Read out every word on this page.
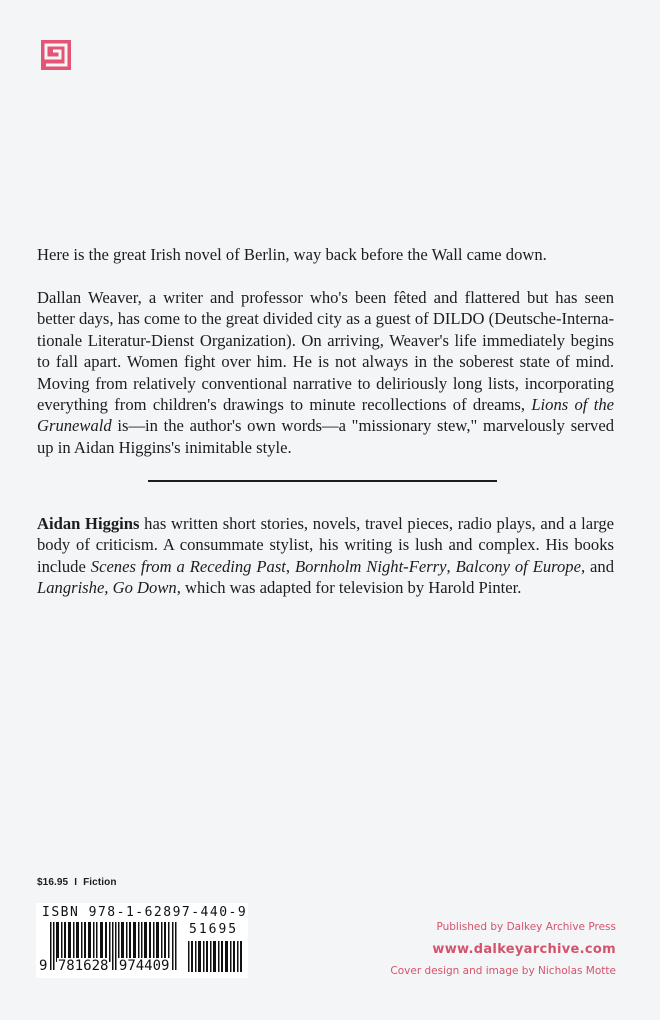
Here is the great Irish novel of Berlin, way back before the Wall came down.

Dallan Weaver, a writer and professor who's been fêted and flattered but has seen better days, has come to the great divided city as a guest of DILDO (Deutsche-Internationale Literatur-Dienst Organization). On arriving, Weaver's life immediately begins to fall apart. Women fight over him. He is not always in the soberest state of mind. Moving from relatively conventional narrative to deliriously long lists, incorporating everything from children's drawings to minute recollections of dreams, Lions of the Grunewald is—in the author's own words—a "missionary stew," marvelously served up in Aidan Higgins's inimitable style.

Aidan Higgins has written short stories, novels, travel pieces, radio plays, and a large body of criticism. A consummate stylist, his writing is lush and complex. His books include Scenes from a Receding Past, Bornholm Night-Ferry, Balcony of Europe, and Langrishe, Go Down, which was adapted for television by Harold Pinter.

$16.95 I Fiction
ISBN 978-1-62897-440-9
51695
9 781628 974409
Published by Dalkey Archive Press
www.dalkeyarchive.com
Cover design and image by Nicholas Motte
